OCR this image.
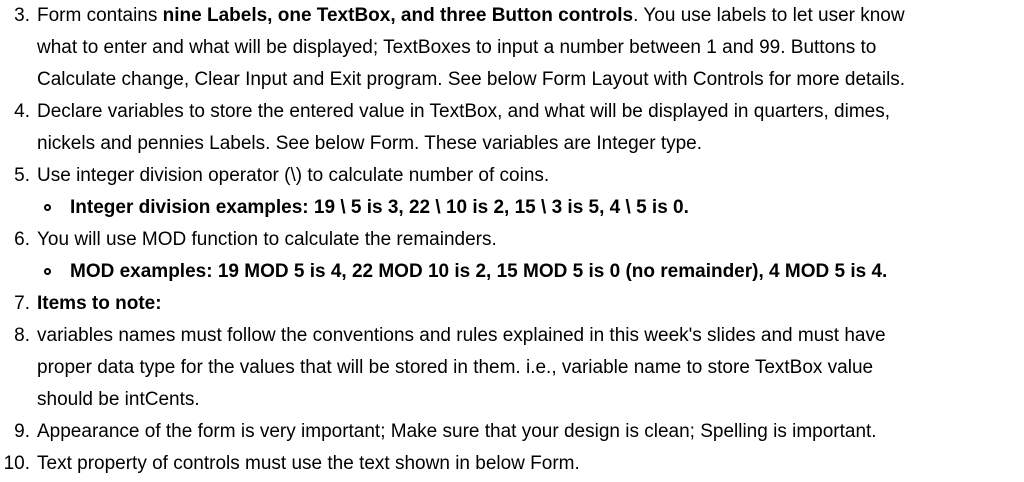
3. Form contains nine Labels, one TextBox, and three Button controls. You use labels to let user know
what to enter and what will be displayed; TextBoxes to input a number between 1 and 99. Buttons to
Calculate change, Clear Input and Exit program. See below Form Layout with Controls for more details.
4. Declare variables to store the entered value in TextBox, and what will be displayed in quarters, dimes,
nickels and pennies Labels. See below Form. These variables are Integer type.
5. Use integer division operator (\) to calculate number of coins.
Integer division examples: 19 \ 5 is 3, 22 \ 10 is 2, 15 \ 3 is 5, 4 \ 5 is 0.
6. You will use MOD function to calculate the remainders.
MOD examples: 19 MOD 5 is 4, 22 MOD 10 is 2, 15 MOD 5 is 0 (no remainder), 4 MOD 5 is 4.
7. Items to note:
8. variables names must follow the conventions and rules explained in this week's slides and must have
proper data type for the values that will be stored in them. i.e., variable name to store TextBox value
should be intCents.
9. Appearance of the form is very important; Make sure that your design is clean; Spelling is important.
10. Text property of controls must use the text shown in below Form.
